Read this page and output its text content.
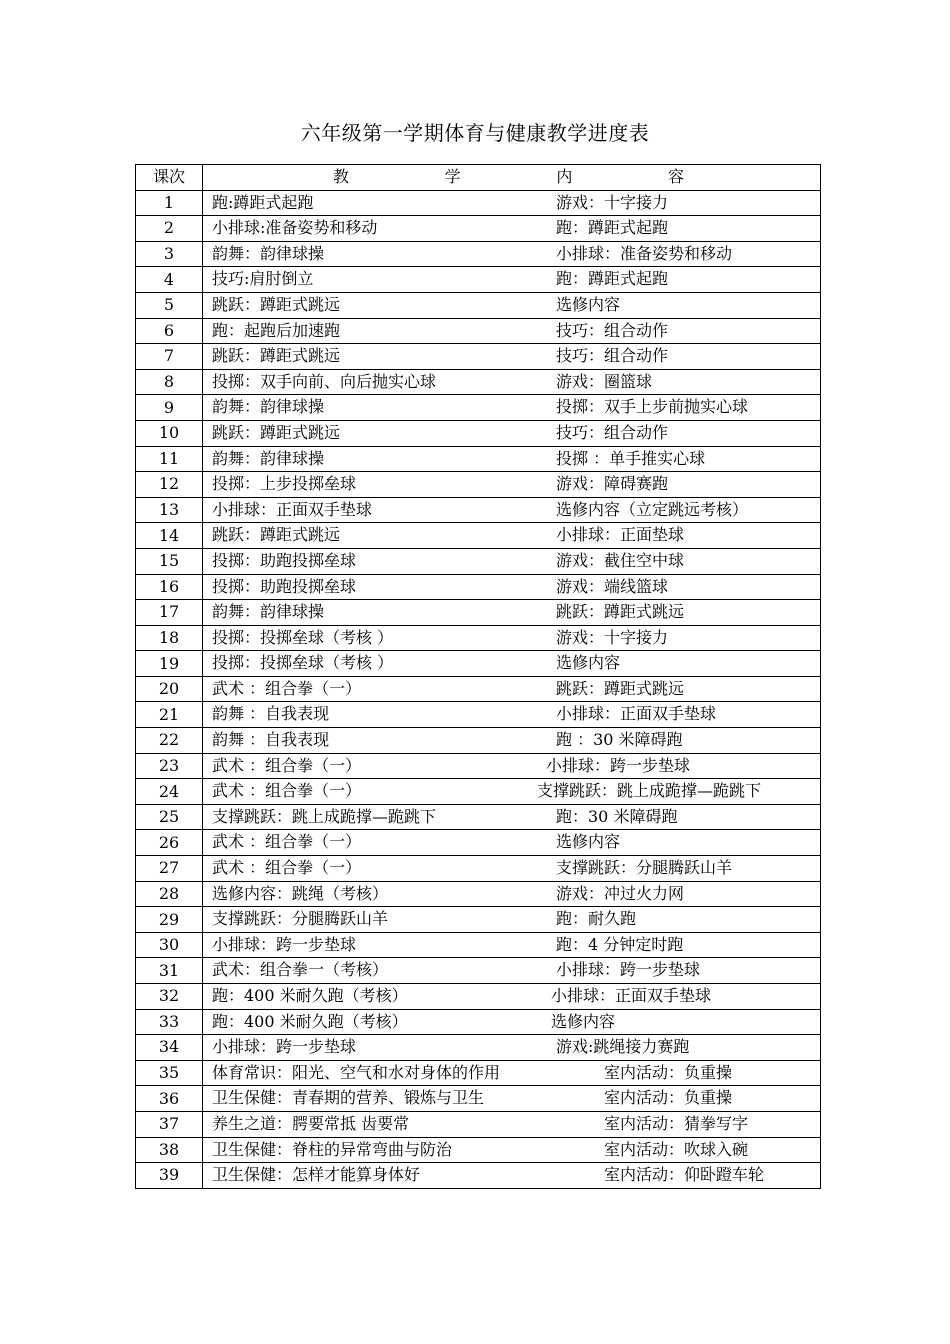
六年级第一学期体育与健康教学进度表
课次	教 学 内 容

1	跑:蹲距式起跑 游戏：十字接力

2	小排球:准备姿势和移动 跑：蹲距式起跑

3	韵舞：韵律球操 小排球：准备姿势和移动

4	技巧:肩肘倒立 跑：蹲距式起跑

5	跳跃：蹲距式跳远 选修内容

6	跑：起跑后加速跑 技巧：组合动作

7	跳跃：蹲距式跳远 技巧：组合动作

8	投掷：双手向前、向后抛实心球 游戏：圈篮球

9	韵舞：韵律球操 投掷：双手上步前抛实心球

10	跳跃：蹲距式跳远 技巧：组合动作

11	韵舞：韵律球操 投掷 ：单手推实心球

12	投掷：上步投掷垒球 游戏：障碍赛跑

13	小排球：正面双手垫球 选修内容（立定跳远考核）

14	跳跃：蹲距式跳远 小排球：正面垫球

15	投掷：助跑投掷垒球 游戏：截住空中球

16	投掷：助跑投掷垒球 游戏：端线篮球

17	韵舞：韵律球操 跳跃：蹲距式跳远

18	投掷：投掷垒球（考核 ） 游戏：十字接力

19	投掷：投掷垒球（考核 ） 选修内容

20	武术 ：组合拳（一） 跳跃：蹲距式跳远

21	韵舞 ：自我表现 小排球：正面双手垫球

22	韵舞 ：自我表现 跑 ：30 米障碍跑

23	武术 ：组合拳（一） 小排球：跨一步垫球

24	武术 ：组合拳（一） 支撑跳跃：跳上成跪撑—跪跳下

25	支撑跳跃：跳上成跪撑—跪跳下 跑：30 米障碍跑

26	武术 ：组合拳（一） 选修内容

27	武术 ：组合拳（一） 支撑跳跃：分腿腾跃山羊

28	选修内容：跳绳（考核） 游戏：冲过火力网

29	支撑跳跃：分腿腾跃山羊 跑：耐久跑

30	小排球：跨一步垫球 跑：4 分钟定时跑

31	武术：组合拳一（考核） 小排球：跨一步垫球

32	跑：400 米耐久跑（考核） 小排球：正面双手垫球

33	跑：400 米耐久跑（考核） 选修内容

34	小排球：跨一步垫球 游戏:跳绳接力赛跑

35	体育常识：阳光、空气和水对身体的作用 室内活动：负重操

36	卫生保健：青春期的营养、锻炼与卫生 室内活动：负重操

37	养生之道：腭要常抵 齿要常 室内活动：猜拳写字

38	卫生保健：脊柱的异常弯曲与防治 室内活动：吹球入碗

39	卫生保健：怎样才能算身体好 室内活动：仰卧蹬车轮
